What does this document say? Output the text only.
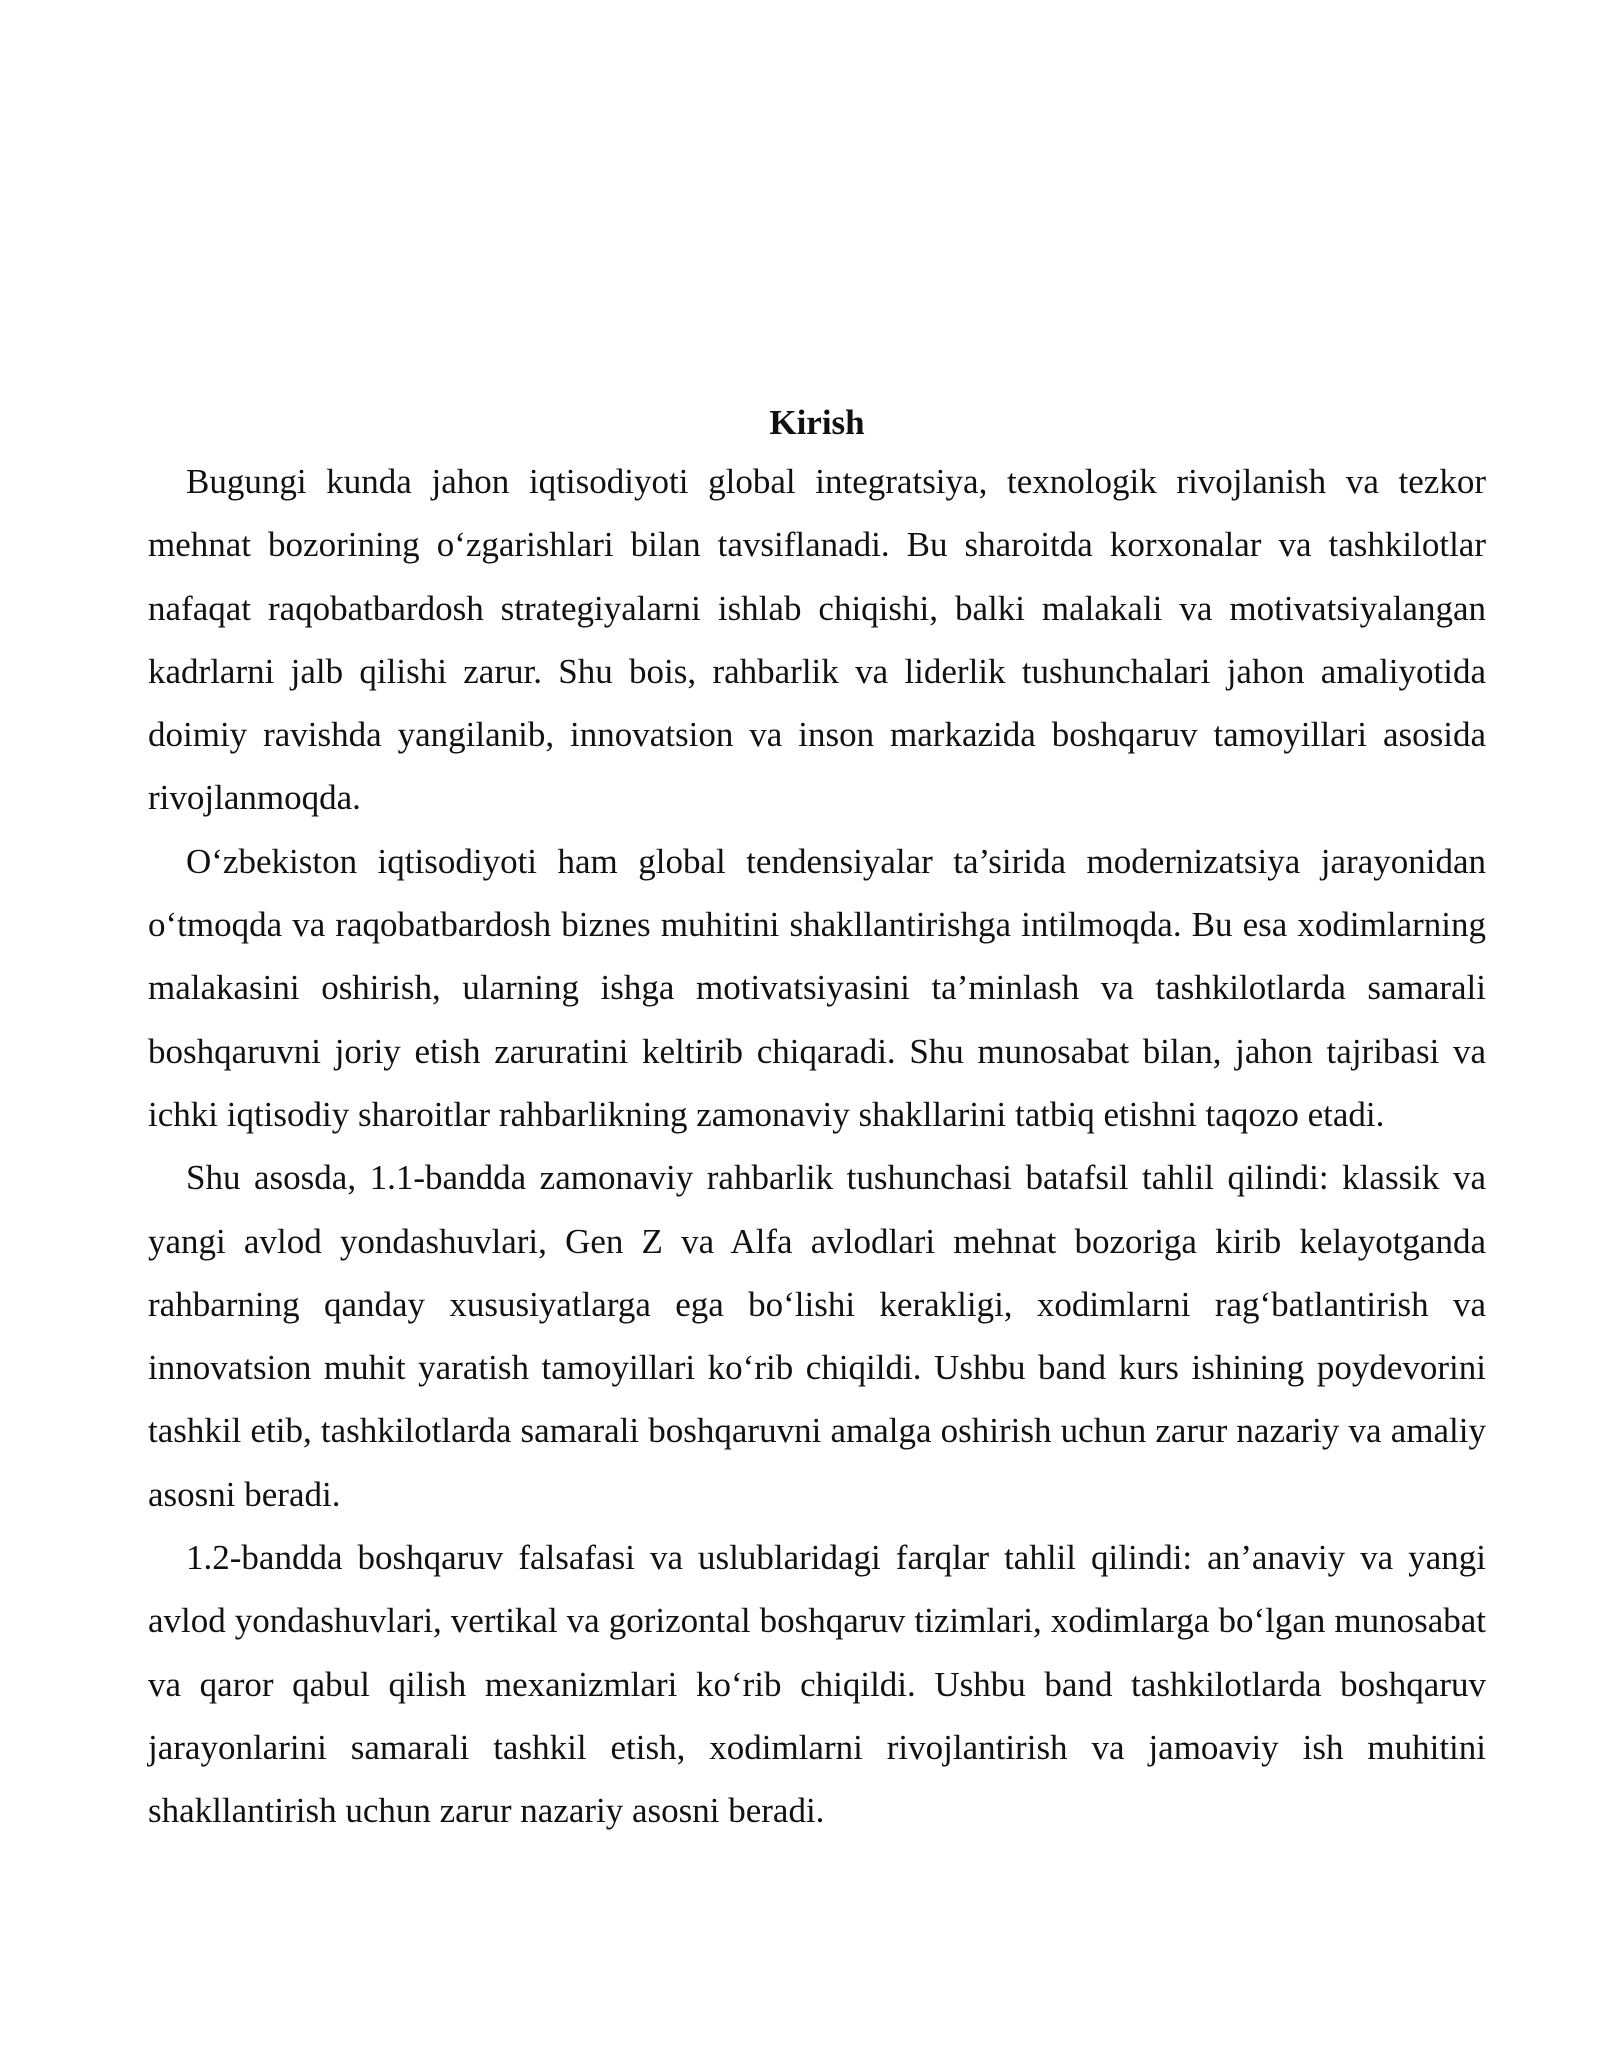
Kirish

Bugungi kunda jahon iqtisodiyoti global integratsiya, texnologik rivojlanish va tezkor mehnat bozorining o‘zgarishlari bilan tavsiflanadi. Bu sharoitda korxonalar va tashkilotlar nafaqat raqobatbardosh strategiyalarni ishlab chiqishi, balki malakali va motivatsiyalangan kadrlarni jalb qilishi zarur. Shu bois, rahbarlik va liderlik tushunchalari jahon amaliyotida doimiy ravishda yangilanib, innovatsion va inson markazida boshqaruv tamoyillari asosida rivojlanmoqda.

O‘zbekiston iqtisodiyoti ham global tendensiyalar ta’sirida modernizatsiya jarayonidan o‘tmoqda va raqobatbardosh biznes muhitini shakllantirishga intilmoqda. Bu esa xodimlarning malakasini oshirish, ularning ishga motivatsiyasini ta’minlash va tashkilotlarda samarali boshqaruvni joriy etish zaruratini keltirib chiqaradi. Shu munosabat bilan, jahon tajribasi va ichki iqtisodiy sharoitlar rahbarlikning zamonaviy shakllarini tatbiq etishni taqozo etadi.

Shu asosda, 1.1-bandda zamonaviy rahbarlik tushunchasi batafsil tahlil qilindi: klassik va yangi avlod yondashuvlari, Gen Z va Alfa avlodlari mehnat bozoriga kirib kelayotganda rahbarning qanday xususiyatlarga ega bo‘lishi kerakligi, xodimlarni rag‘batlantirish va innovatsion muhit yaratish tamoyillari ko‘rib chiqildi. Ushbu band kurs ishining poydevorini tashkil etib, tashkilotlarda samarali boshqaruvni amalga oshirish uchun zarur nazariy va amaliy asosni beradi.

1.2-bandda boshqaruv falsafasi va uslublaridagi farqlar tahlil qilindi: an’anaviy va yangi avlod yondashuvlari, vertikal va gorizontal boshqaruv tizimlari, xodimlarga bo‘lgan munosabat va qaror qabul qilish mexanizmlari ko‘rib chiqildi. Ushbu band tashkilotlarda boshqaruv jarayonlarini samarali tashkil etish, xodimlarni rivojlantirish va jamoaviy ish muhitini shakllantirish uchun zarur nazariy asosni beradi.
